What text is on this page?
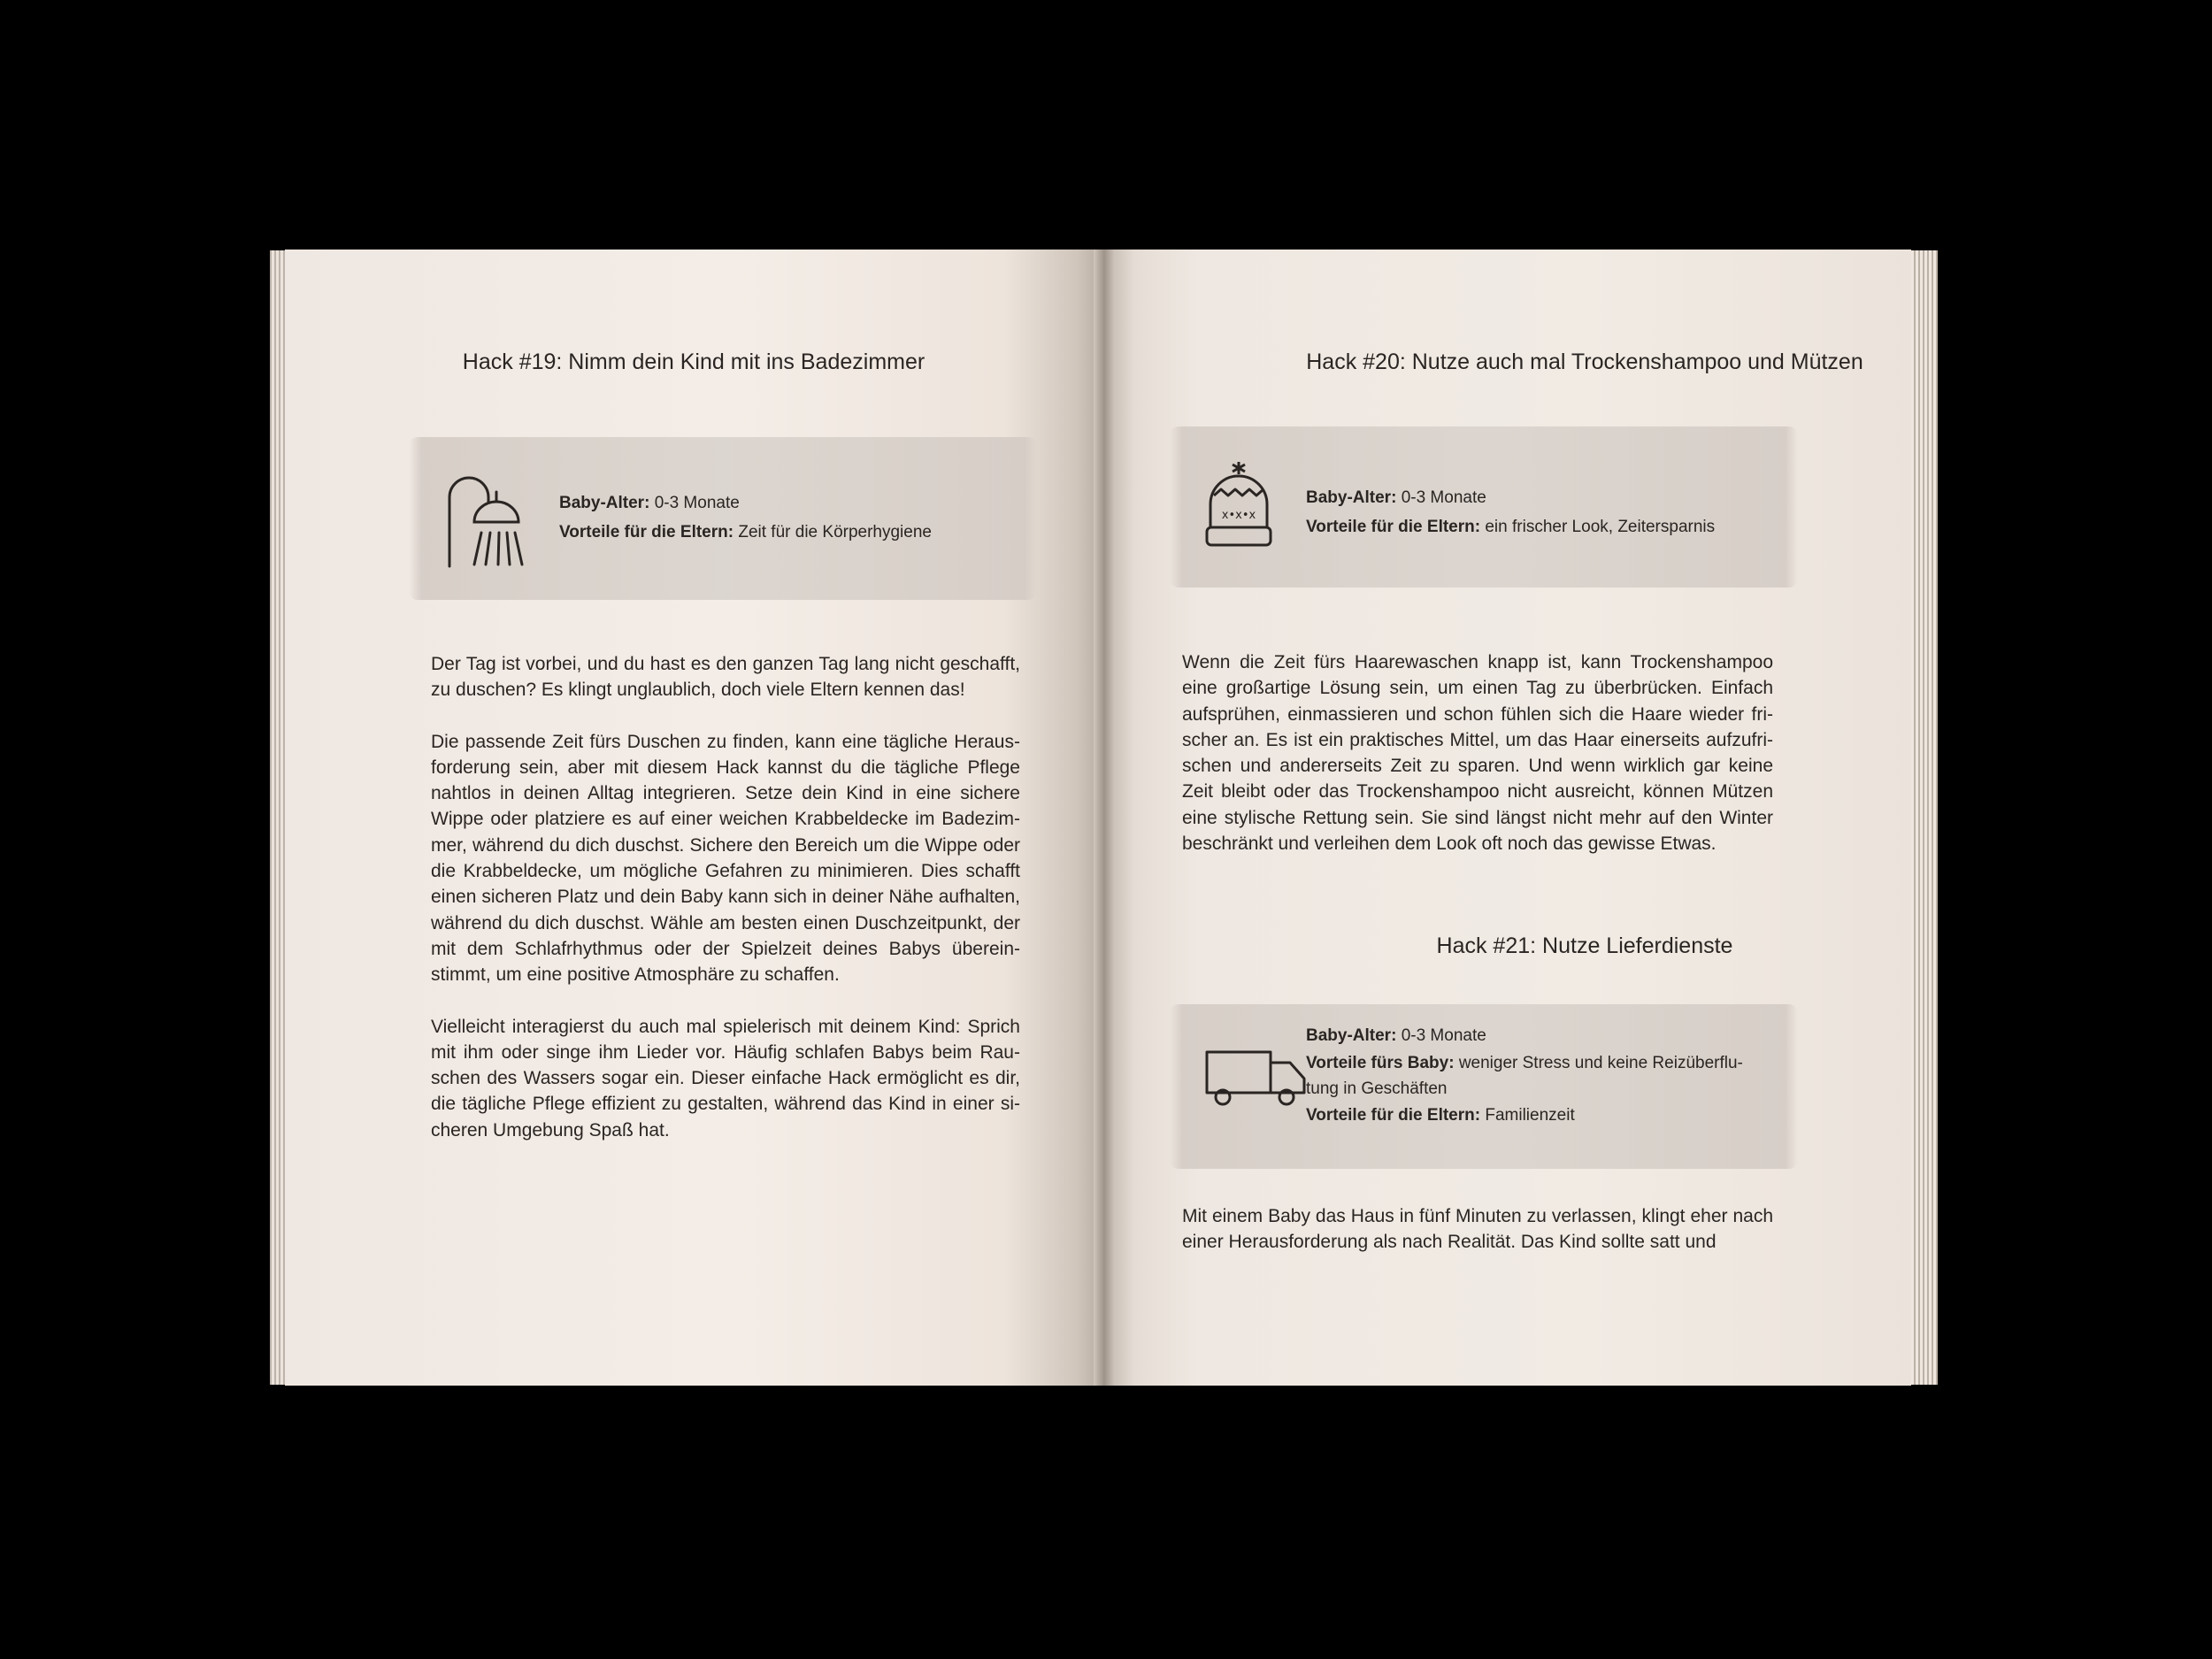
Hack #19: Nimm dein Kind mit ins Badezimmer
Baby-Alter: 0-3 Monate
Vorteile für die Eltern: Zeit für die Körperhygiene

Der Tag ist vorbei, und du hast es den ganzen Tag lang nicht geschafft, zu duschen? Es klingt unglaublich, doch viele Eltern kennen das!

Die passende Zeit fürs Duschen zu finden, kann eine tägliche Herausforderung sein, aber mit diesem Hack kannst du die tägliche Pflege nahtlos in deinen Alltag integrieren. Setze dein Kind in eine sichere Wippe oder platziere es auf einer weichen Krabbeldecke im Badezimmer, während du dich duschst. Sichere den Bereich um die Wippe oder die Krabbeldecke, um mögliche Gefahren zu minimieren. Dies schafft einen sicheren Platz und dein Baby kann sich in deiner Nähe aufhalten, während du dich duschst. Wähle am besten einen Duschzeitpunkt, der mit dem Schlafrhythmus oder der Spielzeit deines Babys übereinstimmt, um eine positive Atmosphäre zu schaffen.

Vielleicht interagierst du auch mal spielerisch mit deinem Kind: Sprich mit ihm oder singe ihm Lieder vor. Häufig schlafen Babys beim Rauschen des Wassers sogar ein. Dieser einfache Hack ermöglicht es dir, die tägliche Pflege effizient zu gestalten, während das Kind in einer sicheren Umgebung Spaß hat.

Hack #20: Nutze auch mal Trockenshampoo und Mützen
x•x•x
Baby-Alter: 0-3 Monate
Vorteile für die Eltern: ein frischer Look, Zeitersparnis

Wenn die Zeit fürs Haarewaschen knapp ist, kann Trockenshampoo eine großartige Lösung sein, um einen Tag zu überbrücken. Einfach aufsprühen, einmassieren und schon fühlen sich die Haare wieder frischer an. Es ist ein praktisches Mittel, um das Haar einerseits aufzufrischen und andererseits Zeit zu sparen. Und wenn wirklich gar keine Zeit bleibt oder das Trockenshampoo nicht ausreicht, können Mützen eine stylische Rettung sein. Sie sind längst nicht mehr auf den Winter beschränkt und verleihen dem Look oft noch das gewisse Etwas.

Hack #21: Nutze Lieferdienste
Baby-Alter: 0-3 Monate
Vorteile fürs Baby: weniger Stress und keine Reizüberflu-
tung in Geschäften
Vorteile für die Eltern: Familienzeit

Mit einem Baby das Haus in fünf Minuten zu verlassen, klingt eher nach einer Herausforderung als nach Realität. Das Kind sollte satt und
